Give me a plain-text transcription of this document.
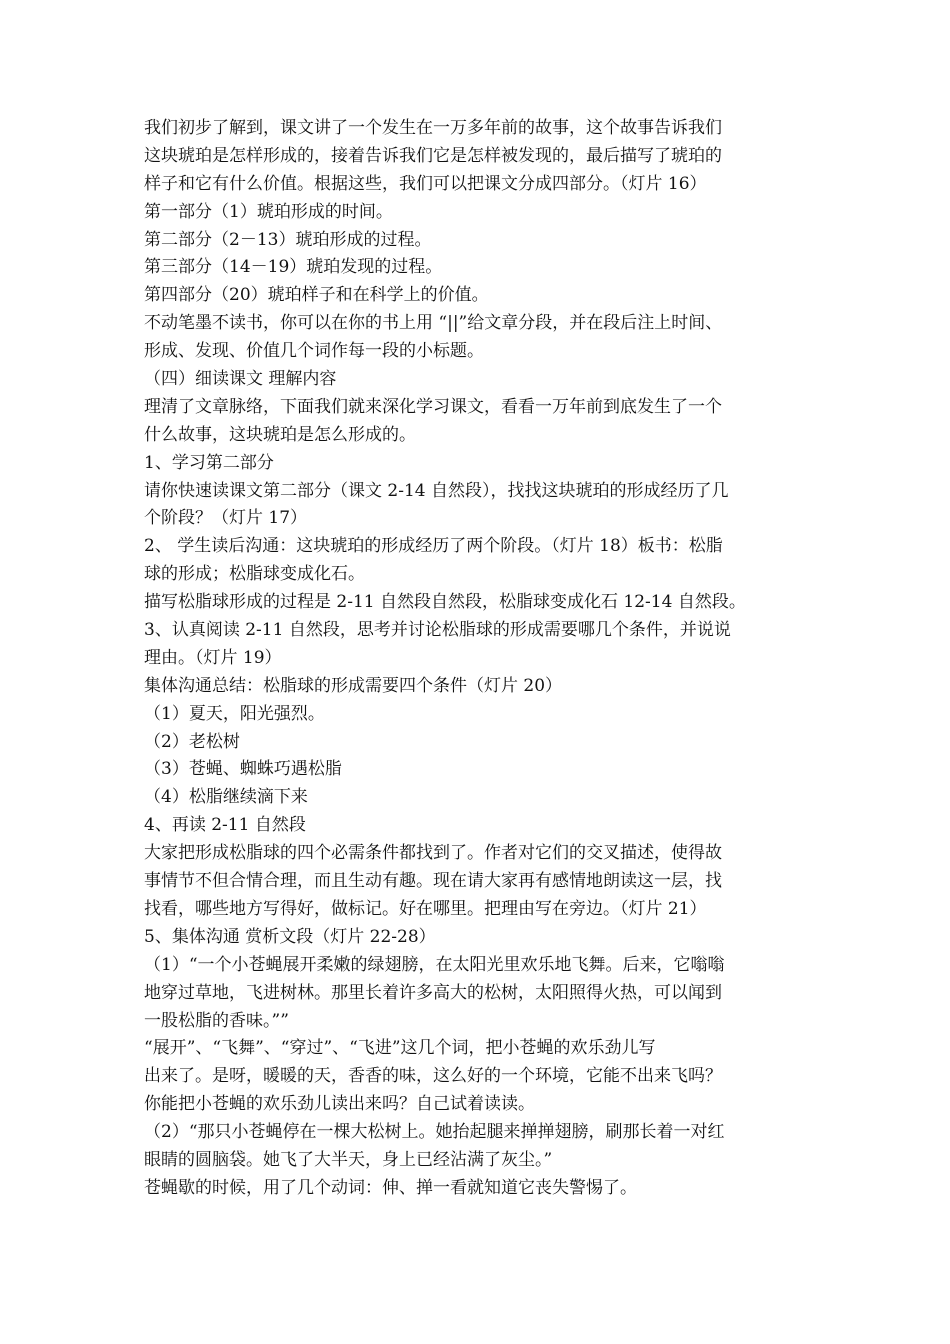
我们初步了解到，课文讲了一个发生在一万多年前的故事，这个故事告诉我们
这块琥珀是怎样形成的，接着告诉我们它是怎样被发现的，最后描写了琥珀的
样子和它有什么价值。根据这些，我们可以把课文分成四部分。（灯片 16）
第一部分（1）琥珀形成的时间。
第二部分（2－13）琥珀形成的过程。
第三部分（14－19）琥珀发现的过程。
第四部分（20）琥珀样子和在科学上的价值。
不动笔墨不读书，你可以在你的书上用 “||”给文章分段，并在段后注上时间、
形成、发现、价值几个词作每一段的小标题。
（四）细读课文 理解内容
理清了文章脉络，下面我们就来深化学习课文，看看一万年前到底发生了一个
什么故事，这块琥珀是怎么形成的。
1、学习第二部分
请你快速读课文第二部分（课文 2-14 自然段），找找这块琥珀的形成经历了几
个阶段？（灯片 17）
2、 学生读后沟通：这块琥珀的形成经历了两个阶段。（灯片 18）板书：松脂
球的形成；松脂球变成化石。
描写松脂球形成的过程是 2-11 自然段自然段，松脂球变成化石 12-14 自然段。
3、认真阅读 2-11 自然段，思考并讨论松脂球的形成需要哪几个条件，并说说
理由。（灯片 19）
集体沟通总结：松脂球的形成需要四个条件（灯片 20）
（1）夏天，阳光强烈。
（2）老松树
（3）苍蝇、蜘蛛巧遇松脂
（4）松脂继续滴下来
4、再读 2-11 自然段
大家把形成松脂球的四个必需条件都找到了。作者对它们的交叉描述，使得故
事情节不但合情合理，而且生动有趣。现在请大家再有感情地朗读这一层，找
找看，哪些地方写得好，做标记。好在哪里。把理由写在旁边。（灯片 21）
5、集体沟通 赏析文段（灯片 22-28）
（1）“一个小苍蝇展开柔嫩的绿翅膀，在太阳光里欢乐地飞舞。后来，它嗡嗡
地穿过草地，飞进树林。那里长着许多高大的松树，太阳照得火热，可以闻到
一股松脂的香味。””
“展开”、“飞舞”、“穿过”、“飞进”这几个词，把小苍蝇的欢乐劲儿写
出来了。是呀，暖暖的天，香香的味，这么好的一个环境，它能不出来飞吗？
你能把小苍蝇的欢乐劲儿读出来吗？自己试着读读。
（2）“那只小苍蝇停在一棵大松树上。她抬起腿来掸掸翅膀，刷那长着一对红
眼睛的圆脑袋。她飞了大半天，身上已经沾满了灰尘。”
苍蝇歇的时候，用了几个动词：伸、掸一看就知道它丧失警惕了。
